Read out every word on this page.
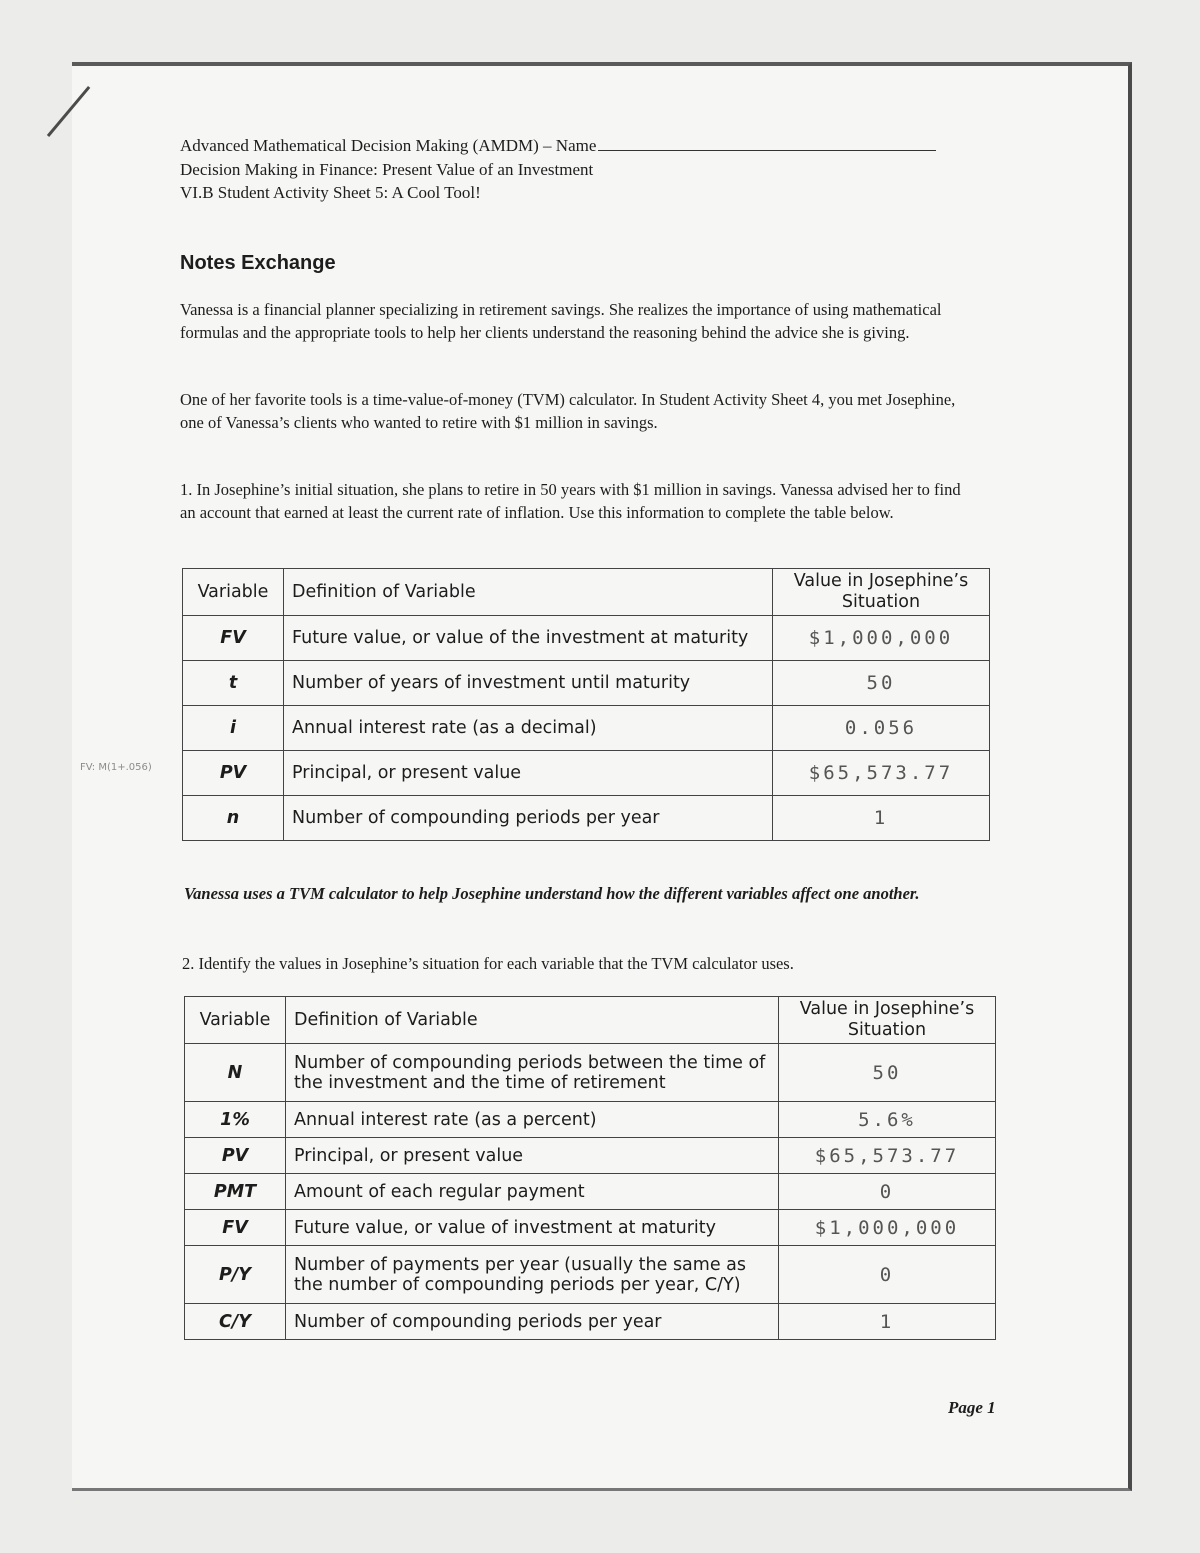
Advanced Mathematical Decision Making (AMDM) – Name
Decision Making in Finance: Present Value of an Investment
VI.B Student Activity Sheet 5: A Cool Tool!
Notes Exchange
Vanessa is a financial planner specializing in retirement savings. She realizes the importance of using mathematical formulas and the appropriate tools to help her clients understand the reasoning behind the advice she is giving.
One of her favorite tools is a time-value-of-money (TVM) calculator. In Student Activity Sheet 4, you met Josephine, one of Vanessa’s clients who wanted to retire with $1 million in savings.
1. In Josephine’s initial situation, she plans to retire in 50 years with $1 million in savings. Vanessa advised her to find an account that earned at least the current rate of inflation. Use this information to complete the table below.
Variable	Definition of Variable	Value in Josephine’s Situation
FV	Future value, or value of the investment at maturity	$1,000,000
t	Number of years of investment until maturity	50
i	Annual interest rate (as a decimal)	0.056
PV	Principal, or present value	$65,573.77
n	Number of compounding periods per year	1
FV: M(1+.056)
Vanessa uses a TVM calculator to help Josephine understand how the different variables affect one another.
2. Identify the values in Josephine’s situation for each variable that the TVM calculator uses.
Variable	Definition of Variable	Value in Josephine’s Situation
N	Number of compounding periods between the time of the investment and the time of retirement	50
1%	Annual interest rate (as a percent)	5.6%
PV	Principal, or present value	$65,573.77
PMT	Amount of each regular payment	0
FV	Future value, or value of investment at maturity	$1,000,000
P/Y	Number of payments per year (usually the same as the number of compounding periods per year, C/Y)	0
C/Y	Number of compounding periods per year	1
Page 1
